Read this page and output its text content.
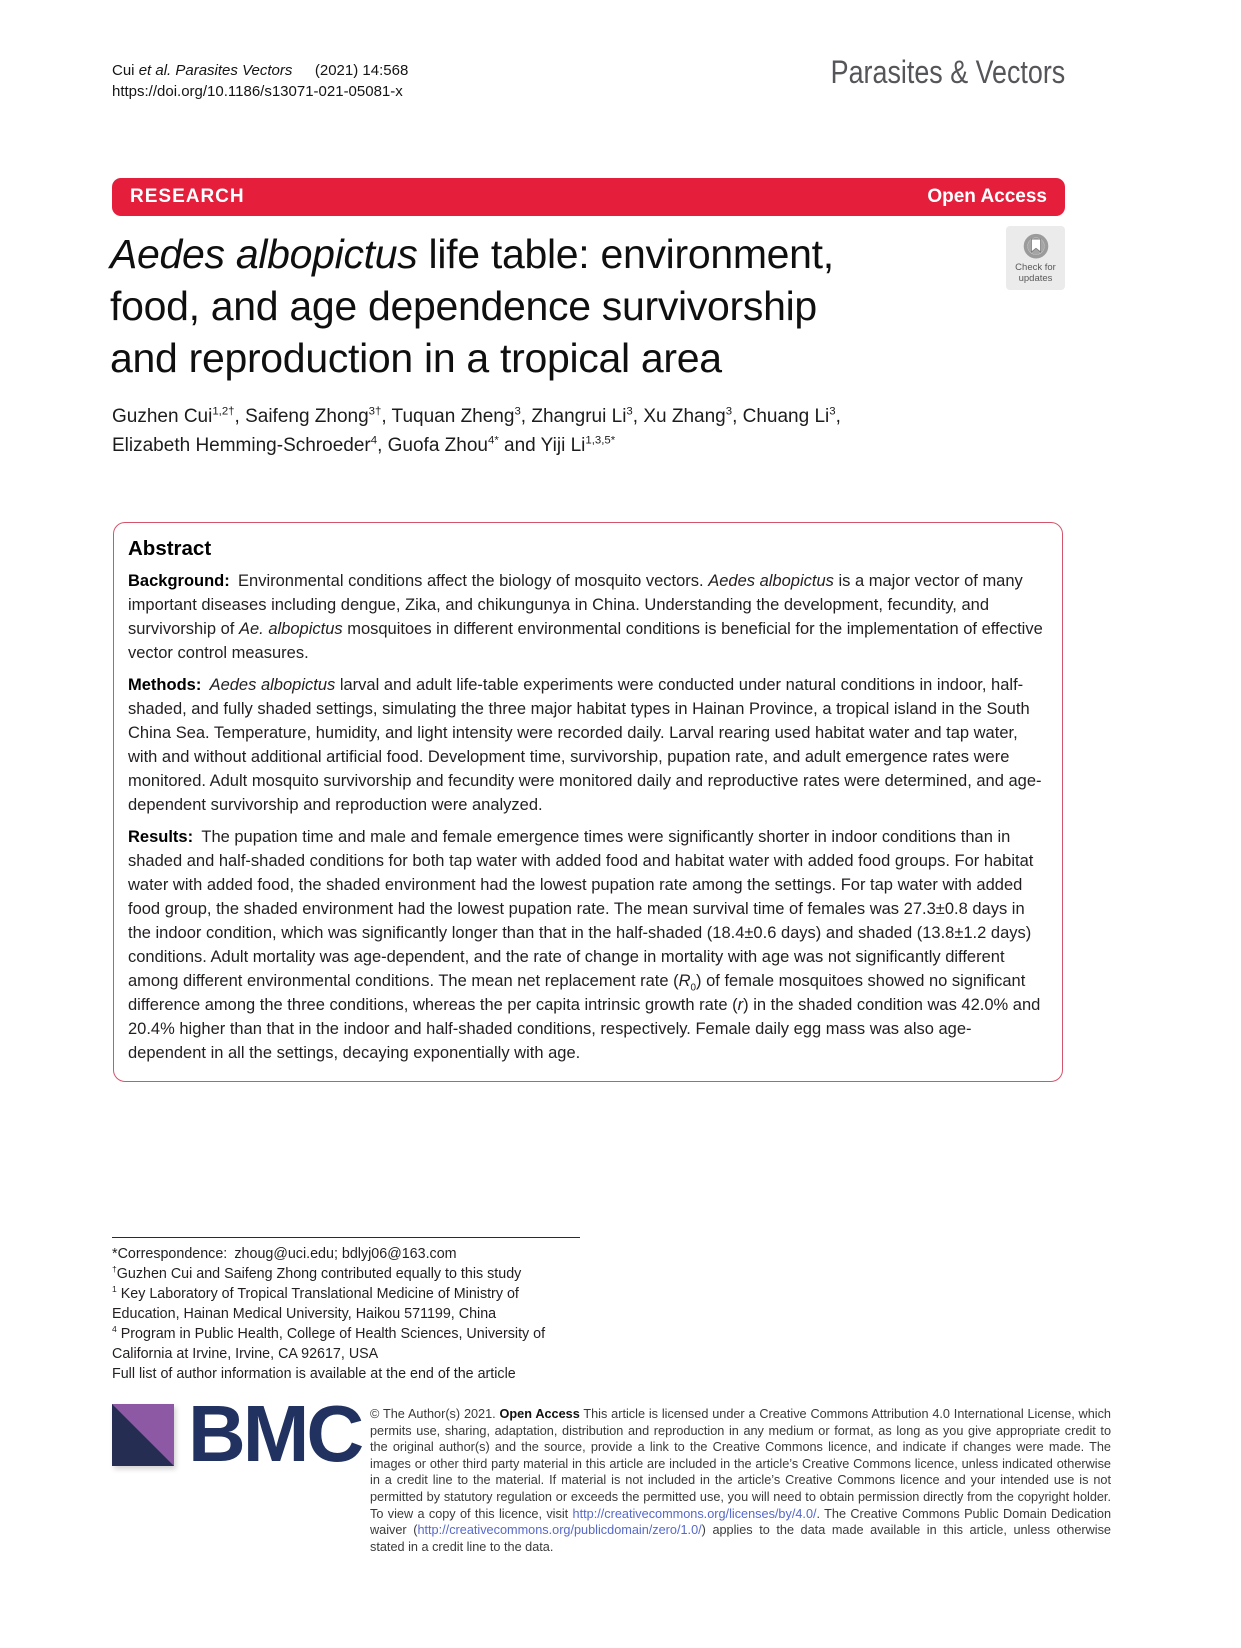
Cui et al. Parasites Vectors  (2021) 14:568
https://doi.org/10.1186/s13071-021-05081-x
Parasites & Vectors
RESEARCH	Open Access
Check for
updates
Aedes albopictus life table: environment,
food, and age dependence survivorship
and reproduction in a tropical area
Guzhen Cui$^{1,2\dagger}$, Saifeng Zhong$^{3\dagger}$, Tuquan Zheng$^3$, Zhangrui Li$^3$, Xu Zhang$^3$, Chuang Li$^3$,
Elizabeth Hemming-Schroeder$^4$, Guofa Zhou$^{4*}$ and Yiji $Li^{1,3,5*}$
Abstract

Background: Environmental conditions affect the biology of mosquito vectors. Aedes albopictus is a major vector of many important diseases including dengue, Zika, and chikungunya in China. Understanding the development, fecundity, and survivorship of Ae. albopictus mosquitoes in different environmental conditions is beneficial for the implementation of effective vector control measures.

Methods: Aedes albopictus larval and adult life-table experiments were conducted under natural conditions in indoor, half-shaded, and fully shaded settings, simulating the three major habitat types in Hainan Province, a tropical island in the South China Sea. Temperature, humidity, and light intensity were recorded daily. Larval rearing used habitat water and tap water, with and without additional artificial food. Development time, survivorship, pupation rate, and adult emergence rates were monitored. Adult mosquito survivorship and fecundity were monitored daily and reproductive rates were determined, and age-dependent survivorship and reproduction were analyzed.

Results: The pupation time and male and female emergence times were significantly shorter in indoor conditions than in shaded and half-shaded conditions for both tap water with added food and habitat water with added food groups. For habitat water with added food, the shaded environment had the lowest pupation rate among the settings. For tap water with added food group, the shaded environment had the lowest pupation rate. The mean survival time of females was 27.3±0.8 days in the indoor condition, which was significantly longer than that in the half-shaded (18.4±0.6 days) and shaded (13.8±1.2 days) conditions. Adult mortality was age-dependent, and the rate of change in mortality with age was not significantly different among different environmental conditions. The mean net replacement rate $(R_0)$ of female mosquitoes showed no significant difference among the three conditions, whereas the per capita intrinsic growth rate (r) in the shaded condition was 42.0% and 20.4% higher than that in the indoor and half-shaded conditions, respectively. Female daily egg mass was also age-dependent in all the settings, decaying exponentially with age.

*Correspondence: zhoug@uci.edu; bdlyj06@163.com

†Guzhen Cui and Saifeng Zhong contributed equally to this study

$^1$ Key Laboratory of Tropical Translational Medicine of Ministry of Education, Hainan Medical University, Haikou 571199, China

$^4$ Program in Public Health, College of Health Sciences, University of California at Irvine, Irvine, CA 92617, USA

Full list of author information is available at the end of the article

BMC © The Author(s) 2021. Open Access This article is licensed under a Creative Commons Attribution 4.0 International License, which permits use, sharing, adaptation, distribution and reproduction in any medium or format, as long as you give appropriate credit to the original author(s) and the source, provide a link to the Creative Commons licence, and indicate if changes were made. The images or other third party material in this article are included in the article’s Creative Commons licence, unless indicated otherwise in a credit line to the material. If material is not included in the article’s Creative Commons licence and your intended use is not permitted by statutory regulation or exceeds the permitted use, you will need to obtain permission directly from the copyright holder. To view a copy of this licence, visit http://creativecommons.org/licenses/by/4.0/. The Creative Commons Public Domain Dedication waiver (http://creativecommons.org/publicdomain/zero/1.0/) applies to the data made available in this article, unless otherwise stated in a credit line to the data.
